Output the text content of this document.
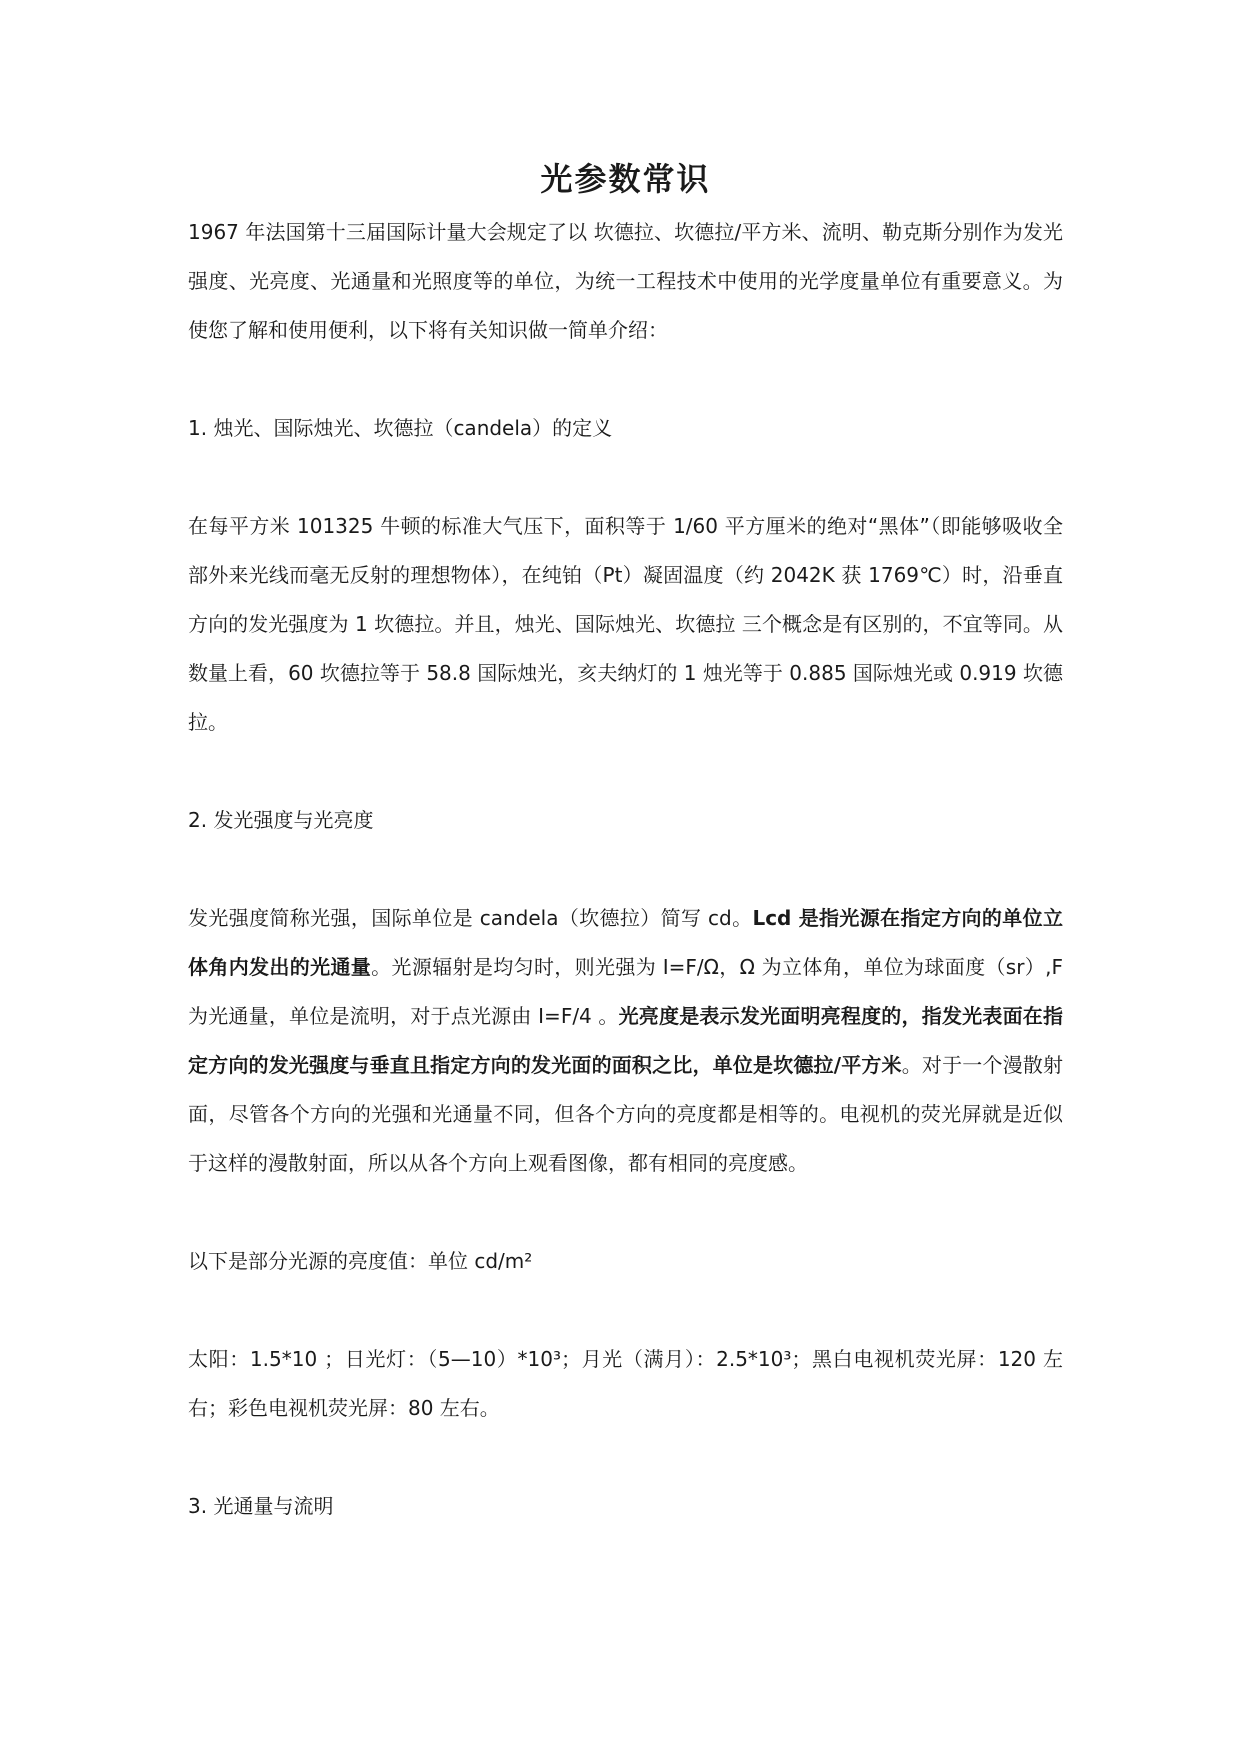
光参数常识

1967 年法国第十三届国际计量大会规定了以 坎德拉、坎德拉/平方米、流明、勒克斯分别作为发光强度、光亮度、光通量和光照度等的单位，为统一工程技术中使用的光学度量单位有重要意义。为使您了解和使用便利，以下将有关知识做一简单介绍：

1. 烛光、国际烛光、坎德拉（candela）的定义

在每平方米 101325 牛顿的标准大气压下，面积等于 1/60 平方厘米的绝对“黑体”（即能够吸收全部外来光线而毫无反射的理想物体），在纯铂（Pt）凝固温度（约 2042K 获 1769℃）时，沿垂直方向的发光强度为 1 坎德拉。并且，烛光、国际烛光、坎德拉 三个概念是有区别的，不宜等同。从数量上看，60 坎德拉等于 58.8 国际烛光，亥夫纳灯的 1 烛光等于 0.885 国际烛光或 0.919 坎德拉。

2. 发光强度与光亮度

发光强度简称光强，国际单位是 candela（坎德拉）简写 cd。Lcd 是指光源在指定方向的单位立体角内发出的光通量。光源辐射是均匀时，则光强为 I=F/Ω，Ω 为立体角，单位为球面度（sr）,F 为光通量，单位是流明，对于点光源由 I=F/4 。光亮度是表示发光面明亮程度的，指发光表面在指定方向的发光强度与垂直且指定方向的发光面的面积之比，单位是坎德拉/平方米。对于一个漫散射面，尽管各个方向的光强和光通量不同，但各个方向的亮度都是相等的。电视机的荧光屏就是近似于这样的漫散射面，所以从各个方向上观看图像，都有相同的亮度感。

以下是部分光源的亮度值：单位 cd/m²

太阳：1.5*10 ；日光灯：（5—10）*10³；月光（满月）：2.5*10³；黑白电视机荧光屏：120 左右；彩色电视机荧光屏：80 左右。

3. 光通量与流明
